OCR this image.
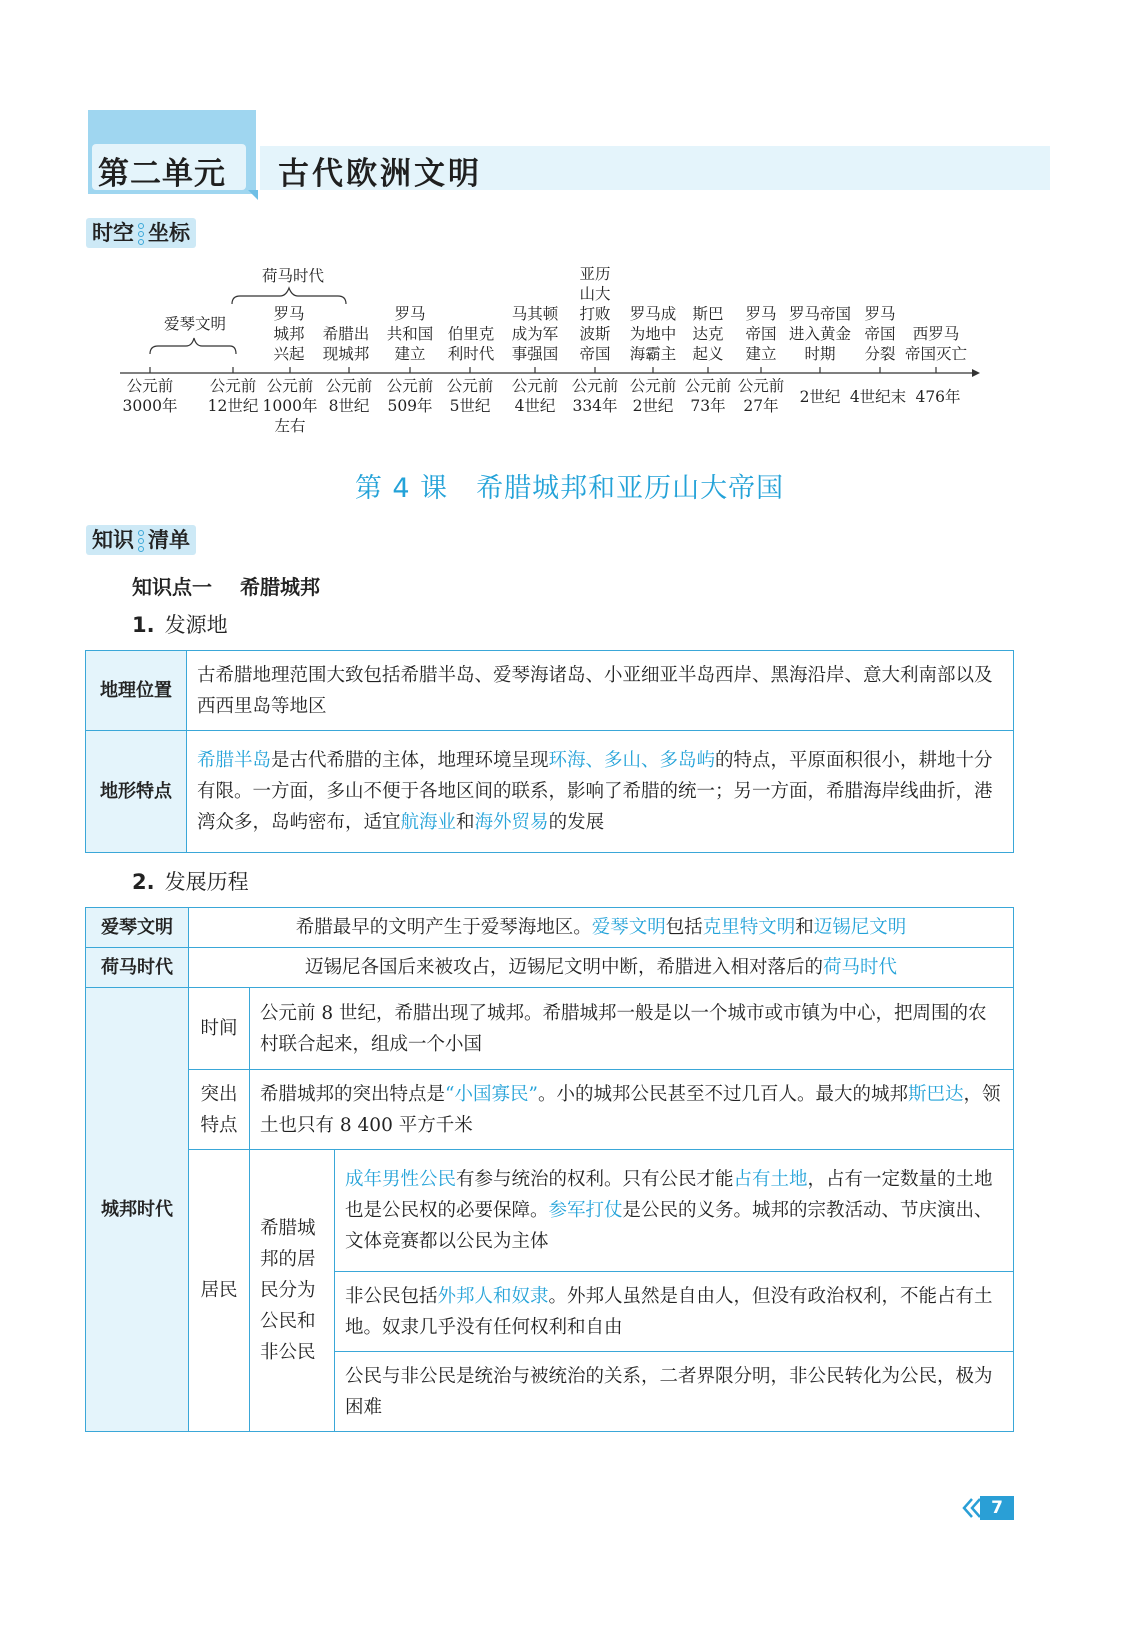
第二单元 古代欧洲文明
时空 坐标
爱琴文明
荷马时代
罗马
城邦
兴起
希腊出
现城邦
罗马
共和国
建立
伯里克
利时代
马其顿
成为军
事强国
亚历
山大
打败
波斯
帝国
罗马成
为地中
海霸主
斯巴
达克
起义
罗马
帝国
建立
罗马帝国
进入黄金
时期
罗马
帝国
分裂
西罗马
帝国灭亡
公元前
3000年
公元前
12世纪
公元前
1000年
左右
公元前
8世纪
公元前
509年
公元前
5世纪
公元前
4世纪
公元前
334年
公元前
2世纪
公元前
73年
公元前
27年	2世纪 4世纪末 476年
第 4 课　希腊城邦和亚历山大帝国
知识 清单
知识点一 希腊城邦
1. 发源地
地理位置	古希腊地理范围大致包括希腊半岛、爱琴海诸岛、小亚细亚半岛西岸、黑海沿岸、意大利南部以及西西里岛等地区
地形特点	希腊半岛是古代希腊的主体，地理环境呈现环海、多山、多岛屿的特点，平原面积很小，耕地十分有限。一方面，多山不便于各地区间的联系，影响了希腊的统一；另一方面，希腊海岸线曲折，港湾众多，岛屿密布，适宜航海业和海外贸易的发展
2. 发展历程
爱琴文明	希腊最早的文明产生于爱琴海地区。爱琴文明包括克里特文明和迈锡尼文明		
荷马时代	迈锡尼各国后来被攻占，迈锡尼文明中断，希腊进入相对落后的荷马时代		
城邦时代	时间	公元前 8 世纪，希腊出现了城邦。希腊城邦一般是以一个城市或市镇为中心，把周围的农村联合起来，组成一个小国	
	突出特点	希腊城邦的突出特点是“小国寡民”。小的城邦公民甚至不过几百人。最大的城邦斯巴达，领土也只有 8 400 平方千米	
	居民	希腊城邦的居民分为公民和非公民	成年男性公民有参与统治的权利。只有公民才能占有土地，占有一定数量的土地也是公民权的必要保障。参军打仗是公民的义务。城邦的宗教活动、节庆演出、文体竞赛都以公民为主体
			非公民包括外邦人和奴隶。外邦人虽然是自由人，但没有政治权利，不能占有土地。奴隶几乎没有任何权利和自由
			公民与非公民是统治与被统治的关系，二者界限分明，非公民转化为公民，极为困难
7
